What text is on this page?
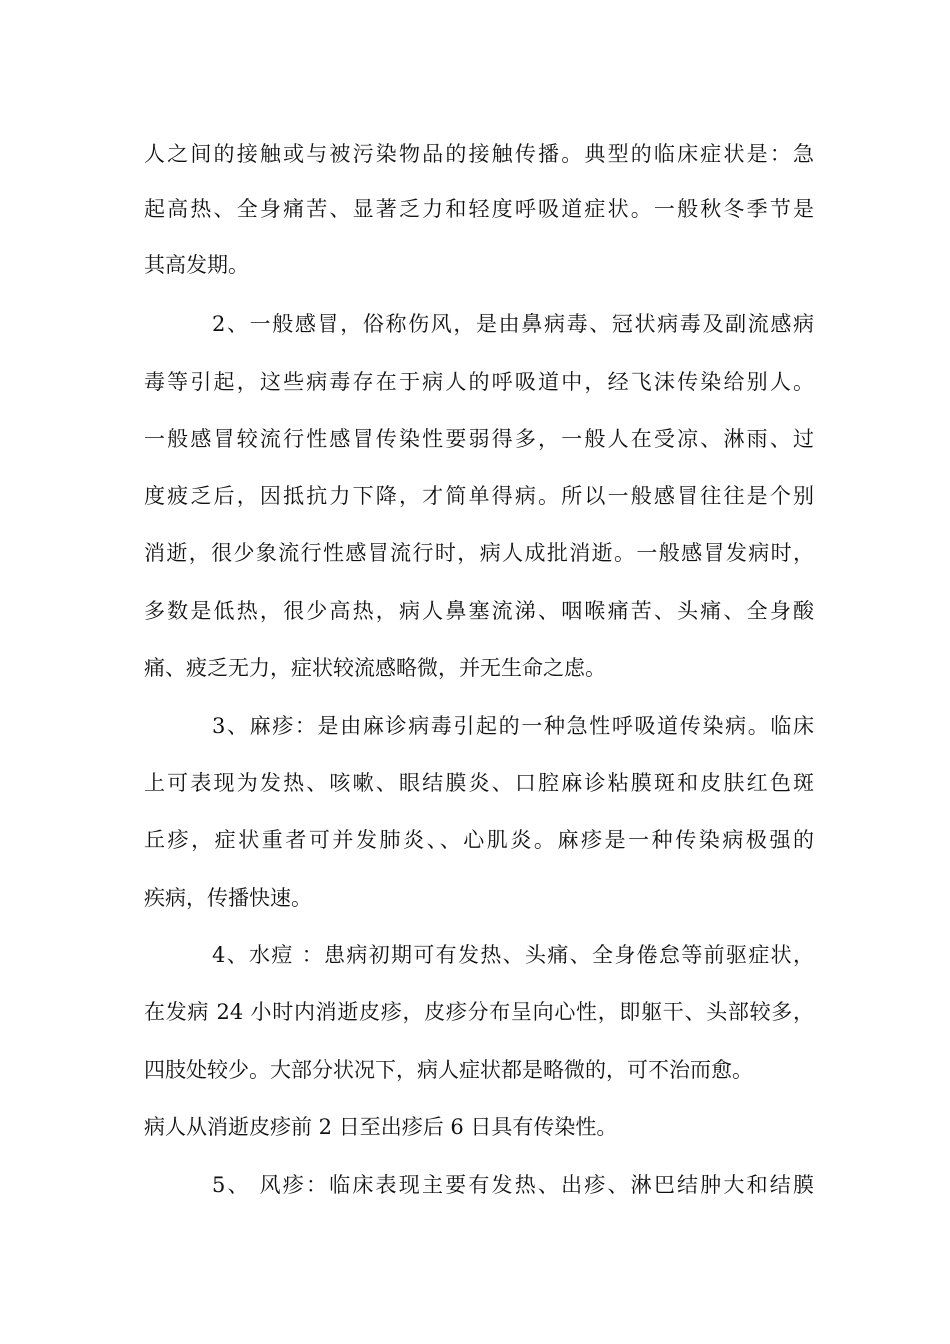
人之间的接触或与被污染物品的接触传播。典型的临床症状是：急
起高热、全身痛苦、显著乏力和轻度呼吸道症状。一般秋冬季节是
其高发期。
2、一般感冒，俗称伤风，是由鼻病毒、冠状病毒及副流感病
毒等引起，这些病毒存在于病人的呼吸道中，经飞沫传染给别人。
一般感冒较流行性感冒传染性要弱得多，一般人在受凉、淋雨、过
度疲乏后，因抵抗力下降，才简单得病。所以一般感冒往往是个别
消逝，很少象流行性感冒流行时，病人成批消逝。一般感冒发病时，
多数是低热，很少高热，病人鼻塞流涕、咽喉痛苦、头痛、全身酸
痛、疲乏无力，症状较流感略微，并无生命之虑。
3、麻疹：是由麻诊病毒引起的一种急性呼吸道传染病。临床
上可表现为发热、咳嗽、眼结膜炎、口腔麻诊粘膜斑和皮肤红色斑
丘疹，症状重者可并发肺炎、、心肌炎。麻疹是一种传染病极强的
疾病，传播快速。
4、水痘 ：患病初期可有发热、头痛、全身倦怠等前驱症状，
在发病 24 小时内消逝皮疹，皮疹分布呈向心性，即躯干、头部较多，
四肢处较少。大部分状况下，病人症状都是略微的，可不治而愈。
病人从消逝皮疹前 2 日至出疹后 6 日具有传染性。
5、 风疹：临床表现主要有发热、出疹、淋巴结肿大和结膜
